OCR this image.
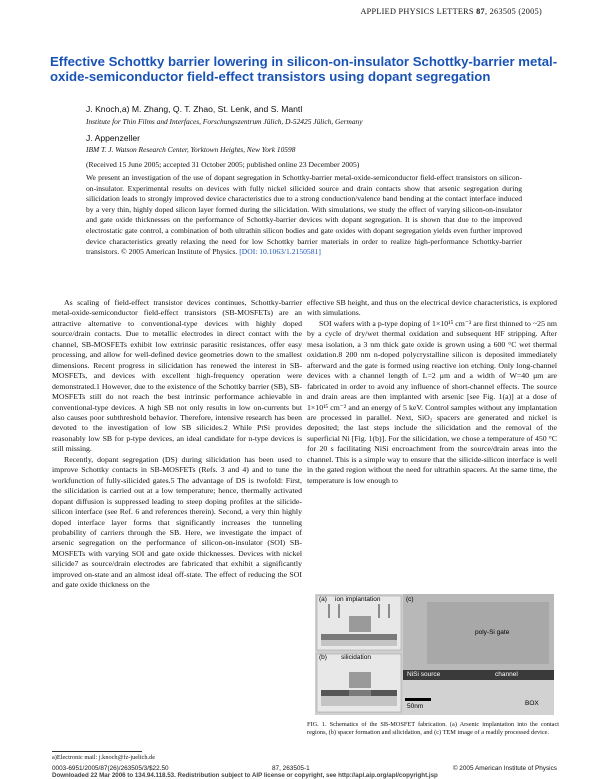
APPLIED PHYSICS LETTERS 87, 263505 (2005)
Effective Schottky barrier lowering in silicon-on-insulator Schottky-barrier metal-oxide-semiconductor field-effect transistors using dopant segregation
J. Knoch,a) M. Zhang, Q. T. Zhao, St. Lenk, and S. Mantl
Institute for Thin Films and Interfaces, Forschungszentrum Jülich, D-52425 Jülich, Germany
J. Appenzeller
IBM T. J. Watson Research Center, Yorktown Heights, New York 10598
(Received 15 June 2005; accepted 31 October 2005; published online 23 December 2005)
We present an investigation of the use of dopant segregation in Schottky-barrier metal-oxide-semiconductor field-effect transistors on silicon-on-insulator. Experimental results on devices with fully nickel silicided source and drain contacts show that arsenic segregation during silicidation leads to strongly improved device characteristics due to a strong conduction/valence band bending at the contact interface induced by a very thin, highly doped silicon layer formed during the silicidation. With simulations, we study the effect of varying silicon-on-insulator and gate oxide thicknesses on the performance of Schottky-barrier devices with dopant segregation. It is shown that due to the improved electrostatic gate control, a combination of both ultrathin silicon bodies and gate oxides with dopant segregation yields even further improved device characteristics greatly relaxing the need for low Schottky barrier materials in order to realize high-performance Schottky-barrier transistors. © 2005 American Institute of Physics. [DOI: 10.1063/1.2150581]

As scaling of field-effect transistor devices continues, Schottky-barrier metal-oxide-semiconductor field-effect transistors (SB-MOSFETs) are an attractive alternative to conventional-type devices with highly doped source/drain contacts. Due to metallic electrodes in direct contact with the channel, SB-MOSFETs exhibit low extrinsic parasitic resistances, offer easy processing, and allow for well-defined device geometries down to the smallest dimensions. Recent progress in silicidation has renewed the interest in SB-MOSFETs, and devices with excellent high-frequency operation were demonstrated.1 However, due to the existence of the Schottky barrier (SB), SB-MOSFETs still do not reach the best intrinsic performance achievable in conventional-type devices. A high SB not only results in low on-currents but also causes poor subthreshold behavior. Therefore, intensive research has been devoted to the investigation of low SB silicides.2 While PtSi provides reasonably low SB for p-type devices, an ideal candidate for n-type devices is still missing.

Recently, dopant segregation (DS) during silicidation has been used to improve Schottky contacts in SB-MOSFETs (Refs. 3 and 4) and to tune the workfunction of fully-silicided gates.5 The advantage of DS is twofold: First, the silicidation is carried out at a low temperature; hence, thermally activated dopant diffusion is suppressed leading to steep doping profiles at the silicide-silicon interface (see Ref. 6 and references therein). Second, a very thin highly doped interface layer forms that significantly increases the tunneling probability of carriers through the SB. Here, we investigate the impact of arsenic segregation on the performance of silicon-on-insulator (SOI) SB-MOSFETs with varying SOI and gate oxide thicknesses. Devices with nickel silicide7 as source/drain electrodes are fabricated that exhibit a significantly improved on-state and an almost ideal off-state. The effect of reducing the SOI and gate oxide thickness on the

effective SB height, and thus on the electrical device characteristics, is explored with simulations.

SOI wafers with a p-type doping of 1×10¹⁵ cm⁻³ are first thinned to ~25 nm by a cycle of dry/wet thermal oxidation and subsequent HF stripping. After mesa isolation, a 3 nm thick gate oxide is grown using a 600 °C wet thermal oxidation.8 200 nm n-doped polycrystalline silicon is deposited immediately afterward and the gate is formed using reactive ion etching. Only long-channel devices with a channel length of L=2 μm and a width of W=40 μm are fabricated in order to avoid any influence of short-channel effects. The source and drain areas are then implanted with arsenic [see Fig. 1(a)] at a dose of 1×10¹⁵ cm⁻² and an energy of 5 keV. Control samples without any implantation are processed in parallel. Next, SiO₂ spacers are generated and nickel is deposited; the last steps include the silicidation and the removal of the superficial Ni [Fig. 1(b)]. For the silicidation, we chose a temperature of 450 °C for 20 s facilitating NiSi encroachment from the source/drain areas into the channel. This is a simple way to ensure that the silicide-silicon interface is well in the gated region without the need for ultrathin spacers. At the same time, the temperature is low enough to

(a) ion implantation
(b) silicidation
(c)
poly-Si gate
NiSi source	channel
BOX
50nm
FIG. 1. Schematics of the SB-MOSFET fabrication. (a) Arsenic implantation into the contact regions, (b) spacer formation and silicidation, and (c) TEM image of a readily processed device.
a)Electronic mail: j.knoch@fz-juelich.de
0003-6951/2005/87(26)/263505/3/$22.50	87, 263505-1	© 2005 American Institute of Physics
Downloaded 22 Mar 2006 to 134.94.118.53. Redistribution subject to AIP license or copyright, see http://apl.aip.org/apl/copyright.jsp
